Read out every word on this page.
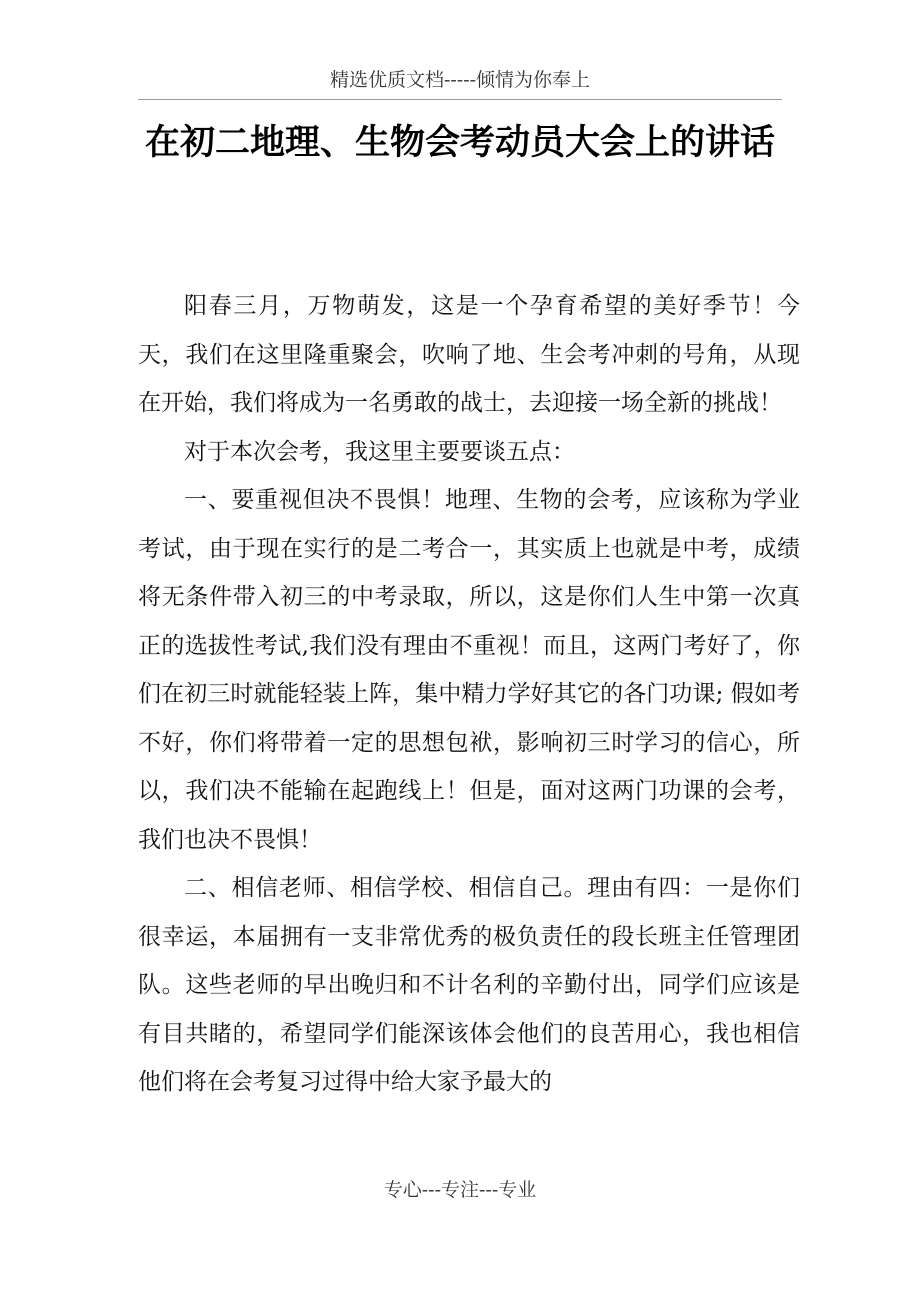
精选优质文档-----倾情为你奉上
在初二地理、生物会考动员大会上的讲话

阳春三月，万物萌发，这是一个孕育希望的美好季节！今天，我们在这里隆重聚会，吹响了地、生会考冲刺的号角，从现在开始，我们将成为一名勇敢的战士，去迎接一场全新的挑战！

对于本次会考，我这里主要要谈五点：

一、要重视但决不畏惧！地理、生物的会考，应该称为学业考试，由于现在实行的是二考合一，其实质上也就是中考，成绩将无条件带入初三的中考录取，所以，这是你们人生中第一次真正的选拔性考试,我们没有理由不重视！而且，这两门考好了，你们在初三时就能轻装上阵，集中精力学好其它的各门功课; 假如考不好，你们将带着一定的思想包袱，影响初三时学习的信心，所以，我们决不能输在起跑线上！但是，面对这两门功课的会考，我们也决不畏惧！

二、相信老师、相信学校、相信自己。理由有四：一是你们很幸运，本届拥有一支非常优秀的极负责任的段长班主任管理团队。这些老师的早出晚归和不计名利的辛勤付出，同学们应该是有目共睹的，希望同学们能深该体会他们的良苦用心，我也相信他们将在会考复习过得中给大家予最大的

专心---专注---专业
